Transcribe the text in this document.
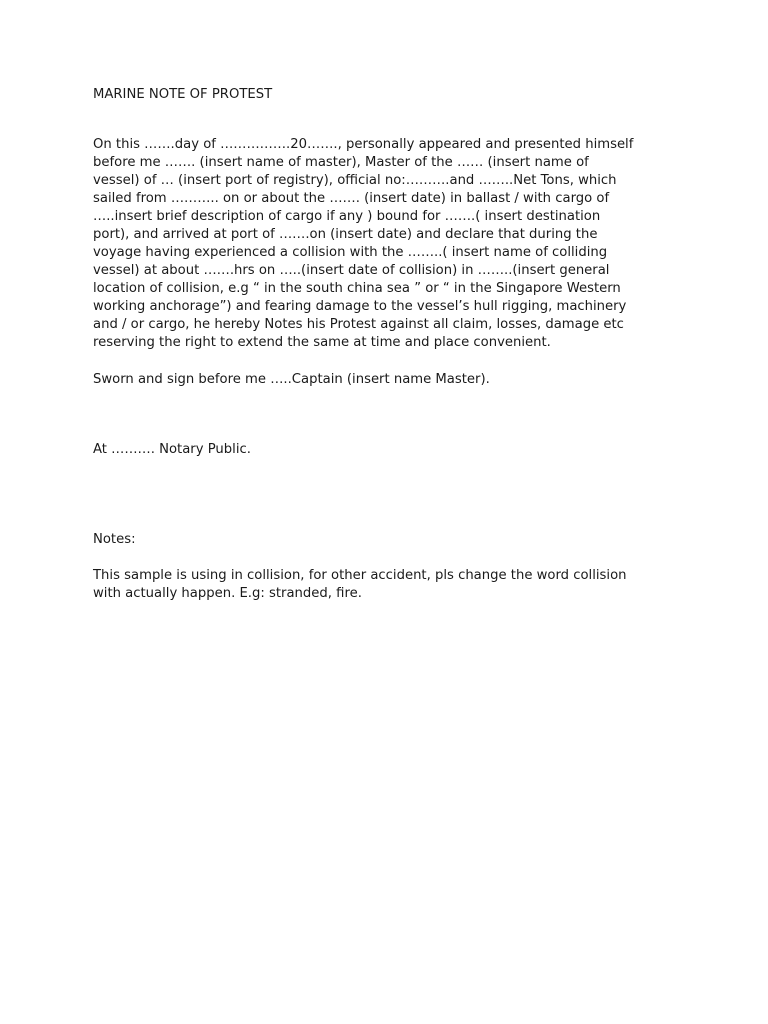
MARINE NOTE OF PROTEST

On this …….day of …………….20……., personally appeared and presented himself
before me ……. (insert name of master), Master of the …… (insert name of
vessel) of … (insert port of registry), official no:……….and ……..Net Tons, which
sailed from ……….. on or about the ……. (insert date) in ballast / with cargo of
…..insert brief description of cargo if any ) bound for …….( insert destination
port), and arrived at port of …….on (insert date) and declare that during the
voyage having experienced a collision with the ……..( insert name of colliding
vessel) at about …….hrs on …..(insert date of collision) in ……..(insert general
location of collision, e.g “ in the south china sea ” or “ in the Singapore Western
working anchorage”) and fearing damage to the vessel’s hull rigging, machinery
and / or cargo, he hereby Notes his Protest against all claim, losses, damage etc
reserving the right to extend the same at time and place convenient.

Sworn and sign before me …..Captain (insert name Master).

At ………. Notary Public.

Notes:

This sample is using in collision, for other accident, pls change the word collision
with actually happen. E.g: stranded, fire.
